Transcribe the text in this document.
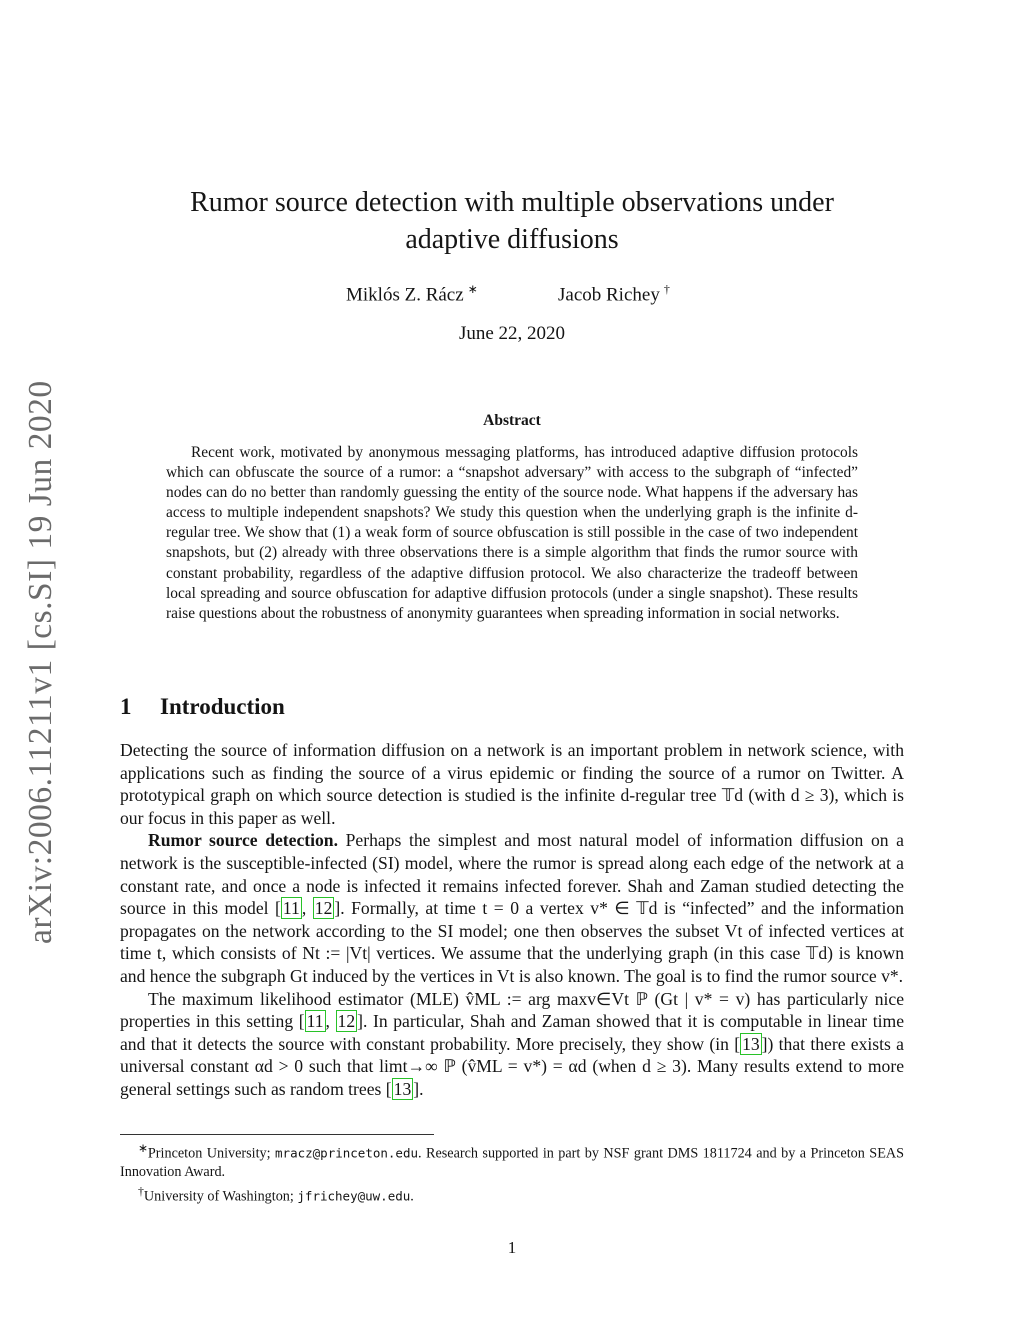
arXiv:2006.11211v1 [cs.SI] 19 Jun 2020
Rumor source detection with multiple observations under adaptive diffusions
Miklós Z. Rácz ∗	Jacob Richey †
June 22, 2020
Abstract
Recent work, motivated by anonymous messaging platforms, has introduced adaptive diffusion protocols which can obfuscate the source of a rumor: a “snapshot adversary” with access to the subgraph of “infected” nodes can do no better than randomly guessing the entity of the source node. What happens if the adversary has access to multiple independent snapshots? We study this question when the underlying graph is the infinite d-regular tree. We show that (1) a weak form of source obfuscation is still possible in the case of two independent snapshots, but (2) already with three observations there is a simple algorithm that finds the rumor source with constant probability, regardless of the adaptive diffusion protocol. We also characterize the tradeoff between local spreading and source obfuscation for adaptive diffusion protocols (under a single snapshot). These results raise questions about the robustness of anonymity guarantees when spreading information in social networks.
1 Introduction

Detecting the source of information diffusion on a network is an important problem in network science, with applications such as finding the source of a virus epidemic or finding the source of a rumor on Twitter. A prototypical graph on which source detection is studied is the infinite d-regular tree 𝕋d (with d ≥ 3), which is our focus in this paper as well.

Rumor source detection. Perhaps the simplest and most natural model of information diffusion on a network is the susceptible-infected (SI) model, where the rumor is spread along each edge of the network at a constant rate, and once a node is infected it remains infected forever. Shah and Zaman studied detecting the source in this model [ 11 , 12 ]. Formally, at time t = 0 a vertex v* ∈ 𝕋d is “infected” and the information propagates on the network according to the SI model; one then observes the subset Vt of infected vertices at time t, which consists of Nt := |Vt| vertices. We assume that the underlying graph (in this case 𝕋d) is known and hence the subgraph Gt induced by the vertices in Vt is also known. The goal is to find the rumor source v*.

The maximum likelihood estimator (MLE) v̂ML := arg maxv∈Vt ℙ (Gt | v* = v) has particularly nice properties in this setting [ 11 , 12 ]. In particular, Shah and Zaman showed that it is computable in linear time and that it detects the source with constant probability. More precisely, they show (in [ 13 ]) that there exists a universal constant αd > 0 such that limt→∞ ℙ (v̂ML = v*) = αd (when d ≥ 3). Many results extend to more general settings such as random trees [ 13 ].

∗Princeton University; mracz@princeton.edu. Research supported in part by NSF grant DMS 1811724 and by a Princeton SEAS Innovation Award.

†University of Washington; jfrichey@uw.edu.

1
